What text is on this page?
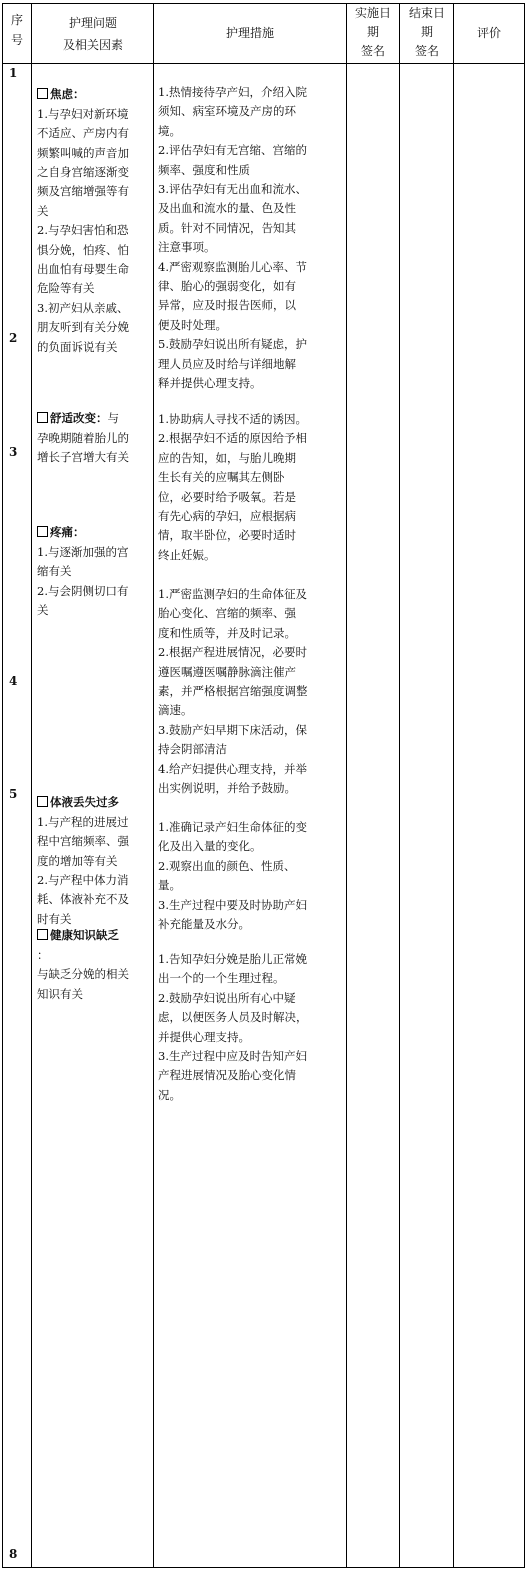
序号
护理问题
及相关因素
护理措施
实施日
期
签名
结束日
期
签名
评价
1
2
3
4
5
8

焦虑：

1.与孕妇对新环境
不适应、产房内有
频繁叫喊的声音加
之自身宫缩逐渐变
频及宫缩增强等有
关
2.与孕妇害怕和恐
惧分娩，怕疼、怕
出血怕有母婴生命
危险等有关
3.初产妇从亲戚、
朋友听到有关分娩
的负面诉说有关

舒适改变：与
孕晚期随着胎儿的
增长子宫增大有关

疼痛：

1.与逐渐加强的宫
缩有关
2.与会阴侧切口有
关

体液丢失过多

1.与产程的进展过
程中宫缩频率、强
度的增加等有关
2.与产程中体力消
耗、体液补充不及
时有关

健康知识缺乏

：
与缺乏分娩的相关
知识有关

1.热情接待孕产妇，介绍入院
须知、病室环境及产房的环
境。
2.评估孕妇有无宫缩、宫缩的
频率、强度和性质
3.评估孕妇有无出血和流水、
及出血和流水的量、色及性
质。针对不同情况，告知其
注意事项。
4.严密观察监测胎儿心率、节
律、胎心的强弱变化，如有
异常，应及时报告医师，以
便及时处理。
5.鼓励孕妇说出所有疑虑，护
理人员应及时给与详细地解
释并提供心理支持。
1.协助病人寻找不适的诱因。
2.根据孕妇不适的原因给予相
应的告知，如，与胎儿晚期
生长有关的应嘱其左侧卧
位，必要时给予吸氧。若是
有先心病的孕妇，应根据病
情，取半卧位，必要时适时
终止妊娠。
1.严密监测孕妇的生命体征及
胎心变化、宫缩的频率、强
度和性质等，并及时记录。
2.根据产程进展情况，必要时
遵医嘱遵医嘱静脉滴注催产
素，并严格根据宫缩强度调整
滴速。
3.鼓励产妇早期下床活动，保
持会阴部清洁
4.给产妇提供心理支持，并举
出实例说明，并给予鼓励。
1.准确记录产妇生命体征的变
化及出入量的变化。
2.观察出血的颜色、性质、
量。
3.生产过程中要及时协助产妇
补充能量及水分。
1.告知孕妇分娩是胎儿正常娩
出一个的一个生理过程。
2.鼓励孕妇说出所有心中疑
虑，以便医务人员及时解决，
并提供心理支持。
3.生产过程中应及时告知产妇
产程进展情况及胎心变化情
况。
